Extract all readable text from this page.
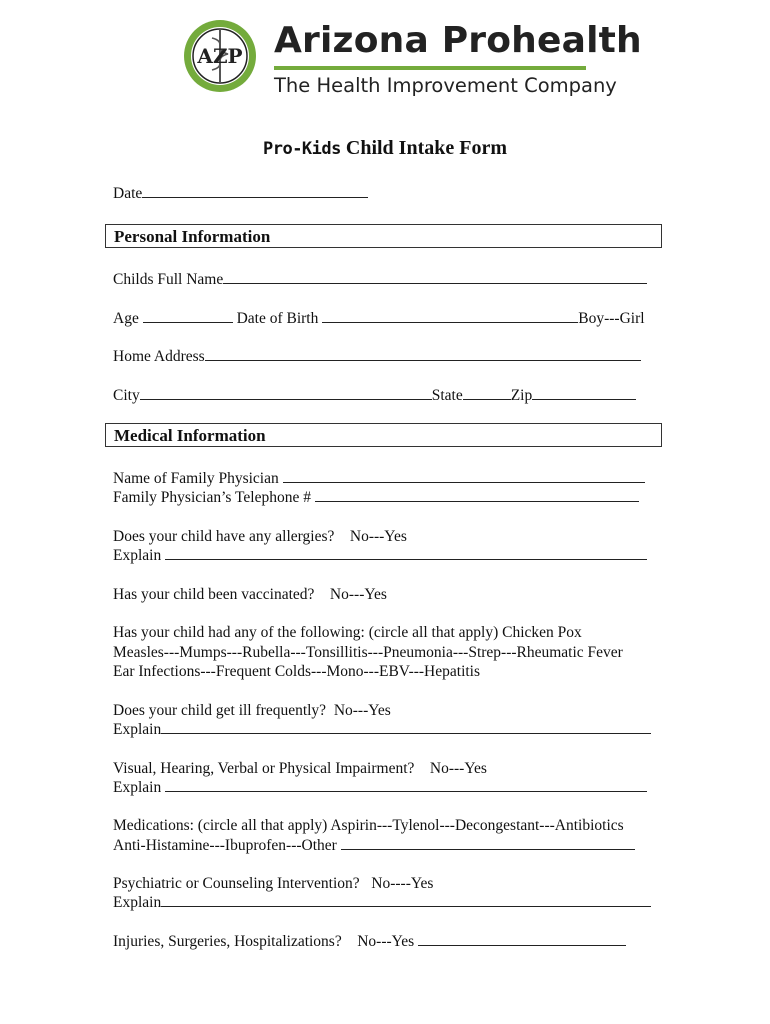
AZP Arizona Prohealth
The Health Improvement Company
Pro-Kids Child Intake Form
Date
Personal Information
Childs Full Name
Age	Date of Birth	Boy---Girl
Home Address
City	State	Zip
Medical Information
Name of Family Physician
Family Physician’s Telephone #
Does your child have any allergies? No---Yes
Explain
Has your child been vaccinated? No---Yes
Has your child had any of the following: (circle all that apply) Chicken Pox
Measles---Mumps---Rubella---Tonsillitis---Pneumonia---Strep---Rheumatic Fever
Ear Infections---Frequent Colds---Mono---EBV---Hepatitis
Does your child get ill frequently? No---Yes
Explain
Visual, Hearing, Verbal or Physical Impairment? No---Yes
Explain
Medications: (circle all that apply) Aspirin---Tylenol---Decongestant---Antibiotics
Anti-Histamine---Ibuprofen---Other
Psychiatric or Counseling Intervention? No----Yes
Explain
Injuries, Surgeries, Hospitalizations? No---Yes
